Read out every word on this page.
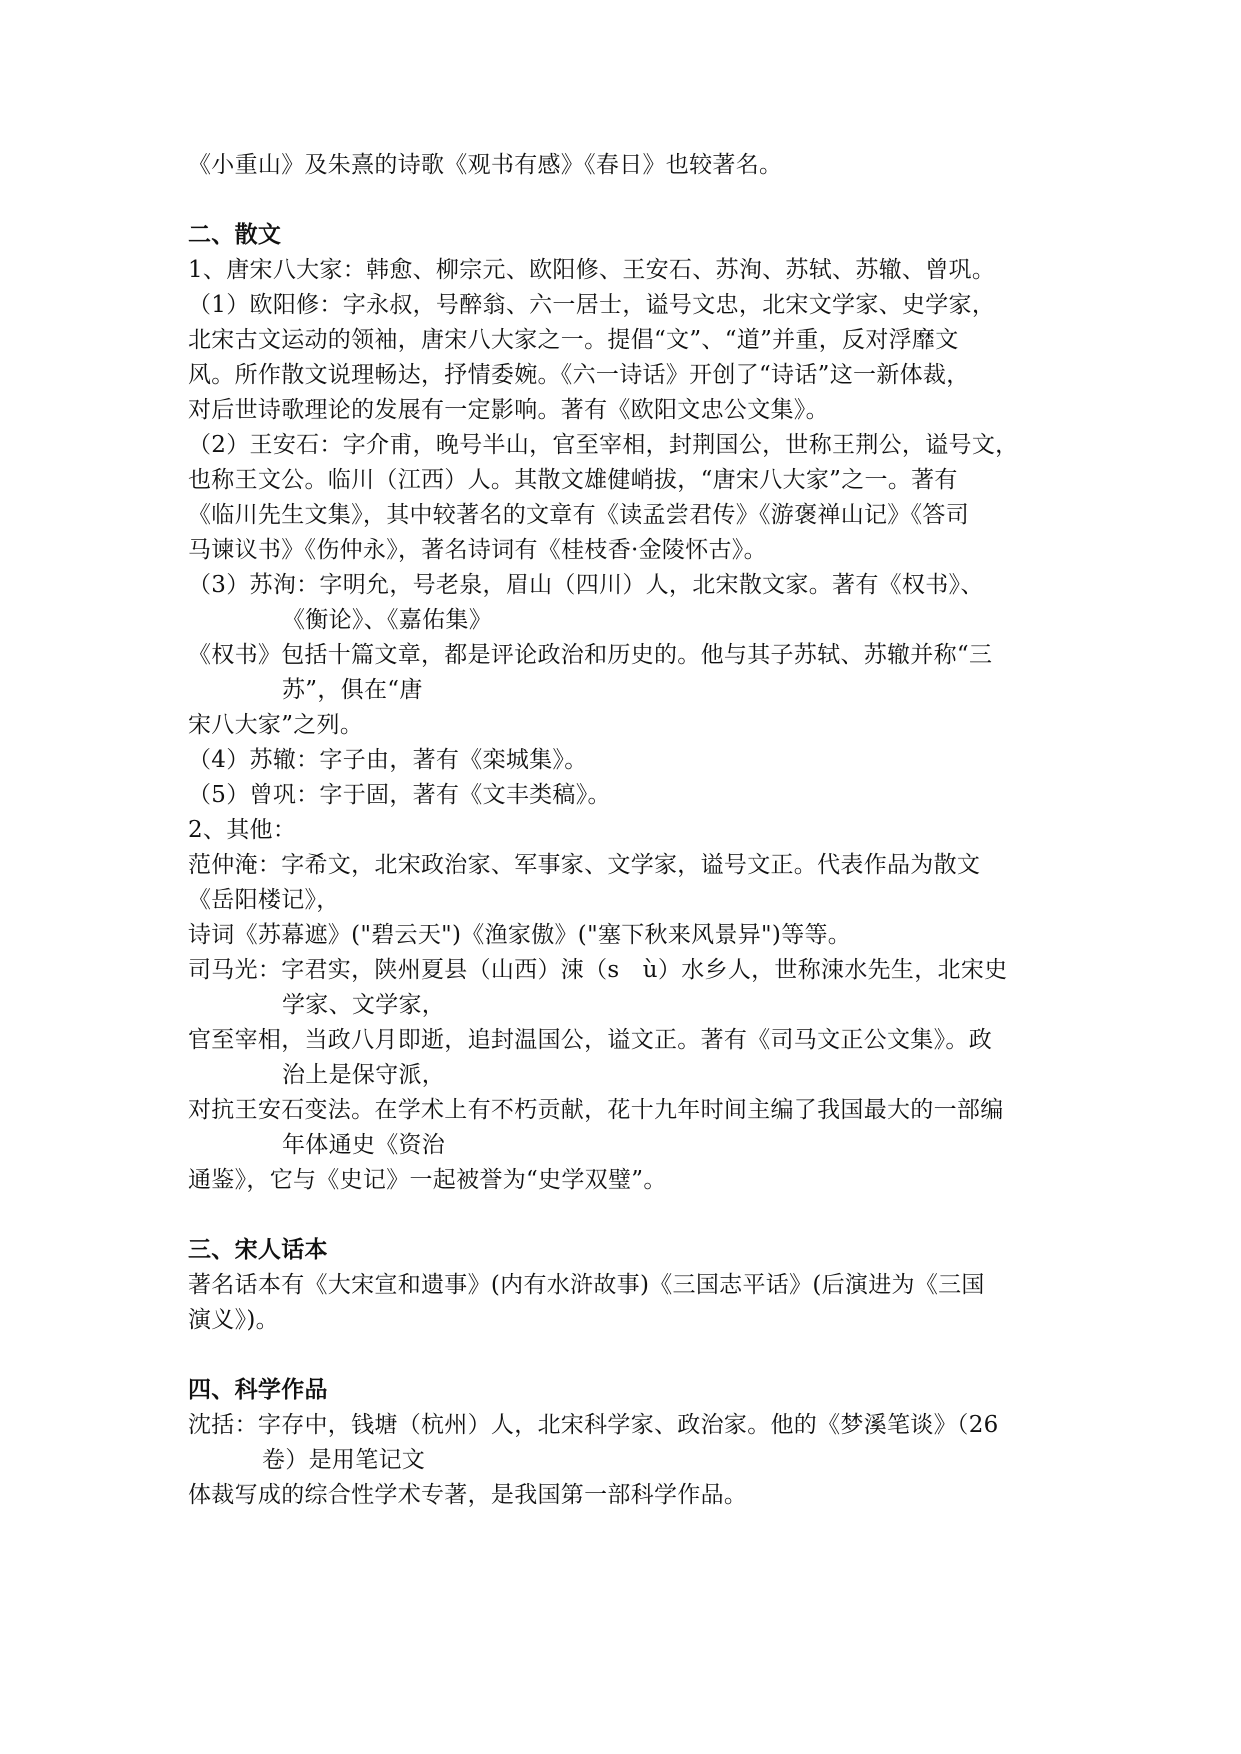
《小重山》及朱熹的诗歌《观书有感》《春日》也较著名。
二、散文
1、唐宋八大家：韩愈、柳宗元、欧阳修、王安石、苏洵、苏轼、苏辙、曾巩。
（1）欧阳修：字永叔，号醉翁、六一居士，谥号文忠，北宋文学家、史学家，
北宋古文运动的领袖，唐宋八大家之一。提倡“文”、“道”并重，反对浮靡文
风。所作散文说理畅达，抒情委婉。《六一诗话》开创了“诗话”这一新体裁，
对后世诗歌理论的发展有一定影响。著有《欧阳文忠公文集》。
（2）王安石：字介甫，晚号半山，官至宰相，封荆国公，世称王荆公，谥号文，
也称王文公。临川（江西）人。其散文雄健峭拔，“唐宋八大家”之一。著有
《临川先生文集》，其中较著名的文章有《读孟尝君传》《游褒禅山记》《答司
马谏议书》《伤仲永》，著名诗词有《桂枝香·金陵怀古》。
（3）苏洵：字明允，号老泉，眉山（四川）人，北宋散文家。著有《权书》、
《衡论》、《嘉佑集》
《权书》包括十篇文章，都是评论政治和历史的。他与其子苏轼、苏辙并称“三
苏”，俱在“唐
宋八大家”之列。
（4）苏辙：字子由，著有《栾城集》。
（5）曾巩：字于固，著有《文丰类稿》。
2、其他：
范仲淹：字希文，北宋政治家、军事家、文学家，谥号文正。代表作品为散文
《岳阳楼记》，
诗词《苏幕遮》("碧云天")《渔家傲》("塞下秋来风景异")等等。
司马光：字君实，陕州夏县（山西）涑（s　ù）水乡人，世称涑水先生，北宋史
学家、文学家，
官至宰相，当政八月即逝，追封温国公，谥文正。著有《司马文正公文集》。政
治上是保守派，
对抗王安石变法。在学术上有不朽贡献，花十九年时间主编了我国最大的一部编
年体通史《资治
通鉴》，它与《史记》一起被誉为“史学双璧”。
三、宋人话本
著名话本有《大宋宣和遗事》(内有水浒故事)《三国志平话》(后演进为《三国
演义》)。
四、科学作品
沈括：字存中，钱塘（杭州）人，北宋科学家、政治家。他的《梦溪笔谈》（26
卷）是用笔记文
体裁写成的综合性学术专著，是我国第一部科学作品。
